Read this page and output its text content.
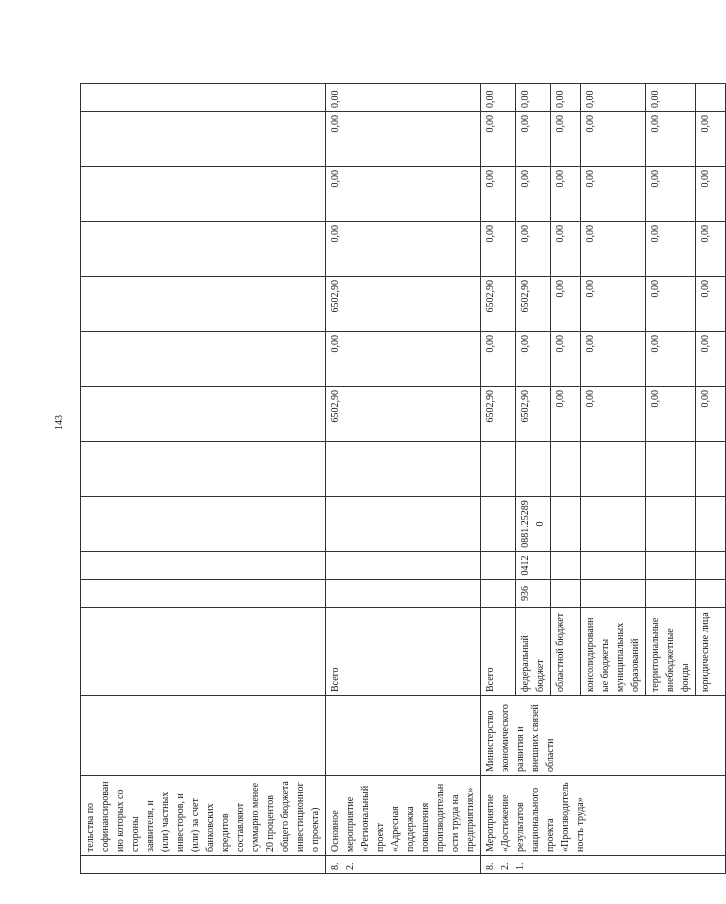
143
	тельства по софинансированию которых со стороны заявителя, и (или) частных инвесторов, и (или) за счет банковских кредитов составляют суммарно менее 20 процентов общего бюджета инвестиционного проекта)													
8.2.	Основное мероприятие «Региональный проект «Адресная поддержка повышения производительности труда на предприятиях»		Всего					6502,90	0,00	6502,90	0,00	0,00	0,00	0,00
8.2.1.	Мероприятие «Достижение результатов национального проекта «Производительность труда»	Министерство экономического развития и внешних связей области	Всего					6502,90	0,00	6502,90	0,00	0,00	0,00	0,00
			федеральный бюджет	936	0412	0881.252890		6502,90	0,00	6502,90	0,00	0,00	0,00	0,00
			областной бюджет					0,00	0,00	0,00	0,00	0,00	0,00	0,00
			консолидированные бюджеты муниципальных образований					0,00	0,00	0,00	0,00	0,00	0,00	0,00
			территориальные внебюджетные фонды					0,00	0,00	0,00	0,00	0,00	0,00	0,00
			юридические лица					0,00	0,00	0,00	0,00	0,00	0,00	
